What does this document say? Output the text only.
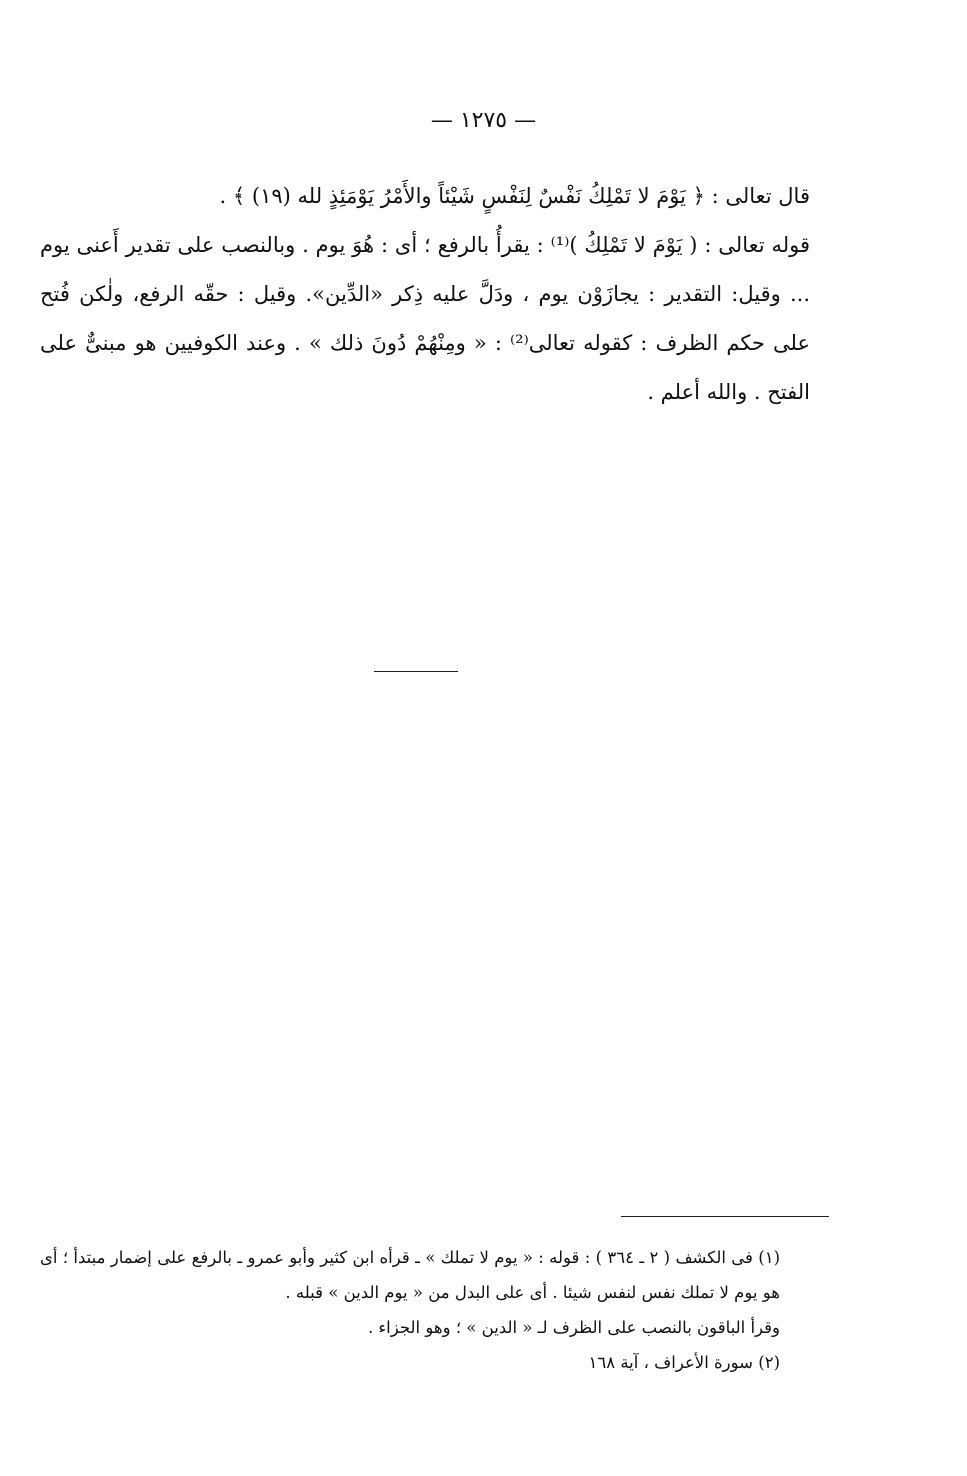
— ١٢٧٥ —

قال تعالى : ﴿ يَوْمَ لا تَمْلِكُ نَفْسٌ لِنَفْسٍ شَيْئاً والأَمْرُ يَوْمَئِذٍ لله (١٩) ﴾ .

قوله تعالى : ( يَوْمَ لا تَمْلِكُ )⁽¹⁾ : يقرأُ بالرفع ؛ أى : هُوَ يوم . وبالنصب على تقدير أَعنى يوم ... وقيل: التقدير : يجازَوْن يوم ، ودَلَّ عليه ذِكر «الدِّين». وقيل : حقّه الرفع، ولٰكن فُتح على حكم الظرف : كقوله تعالى⁽²⁾ : « ومِنْهُمْ دُونَ ذلك » . وعند الكوفيين هو مبنىٌّ على الفتح . والله أعلم .

(١) فى الكشف ( ٢ ـ ٣٦٤ ) : قوله : « يوم لا تملك » ـ قرأه ابن كثير وأبو عمرو ـ بالرفع على إضمار مبتدأ ؛ أى هو يوم لا تملك نفس لنفس شيئا . أى على البدل من « يوم الدين » قبله .

وقرأ الباقون بالنصب على الظرف لـ « الدين » ؛ وهو الجزاء .

(٢) سورة الأعراف ، آية ١٦٨
